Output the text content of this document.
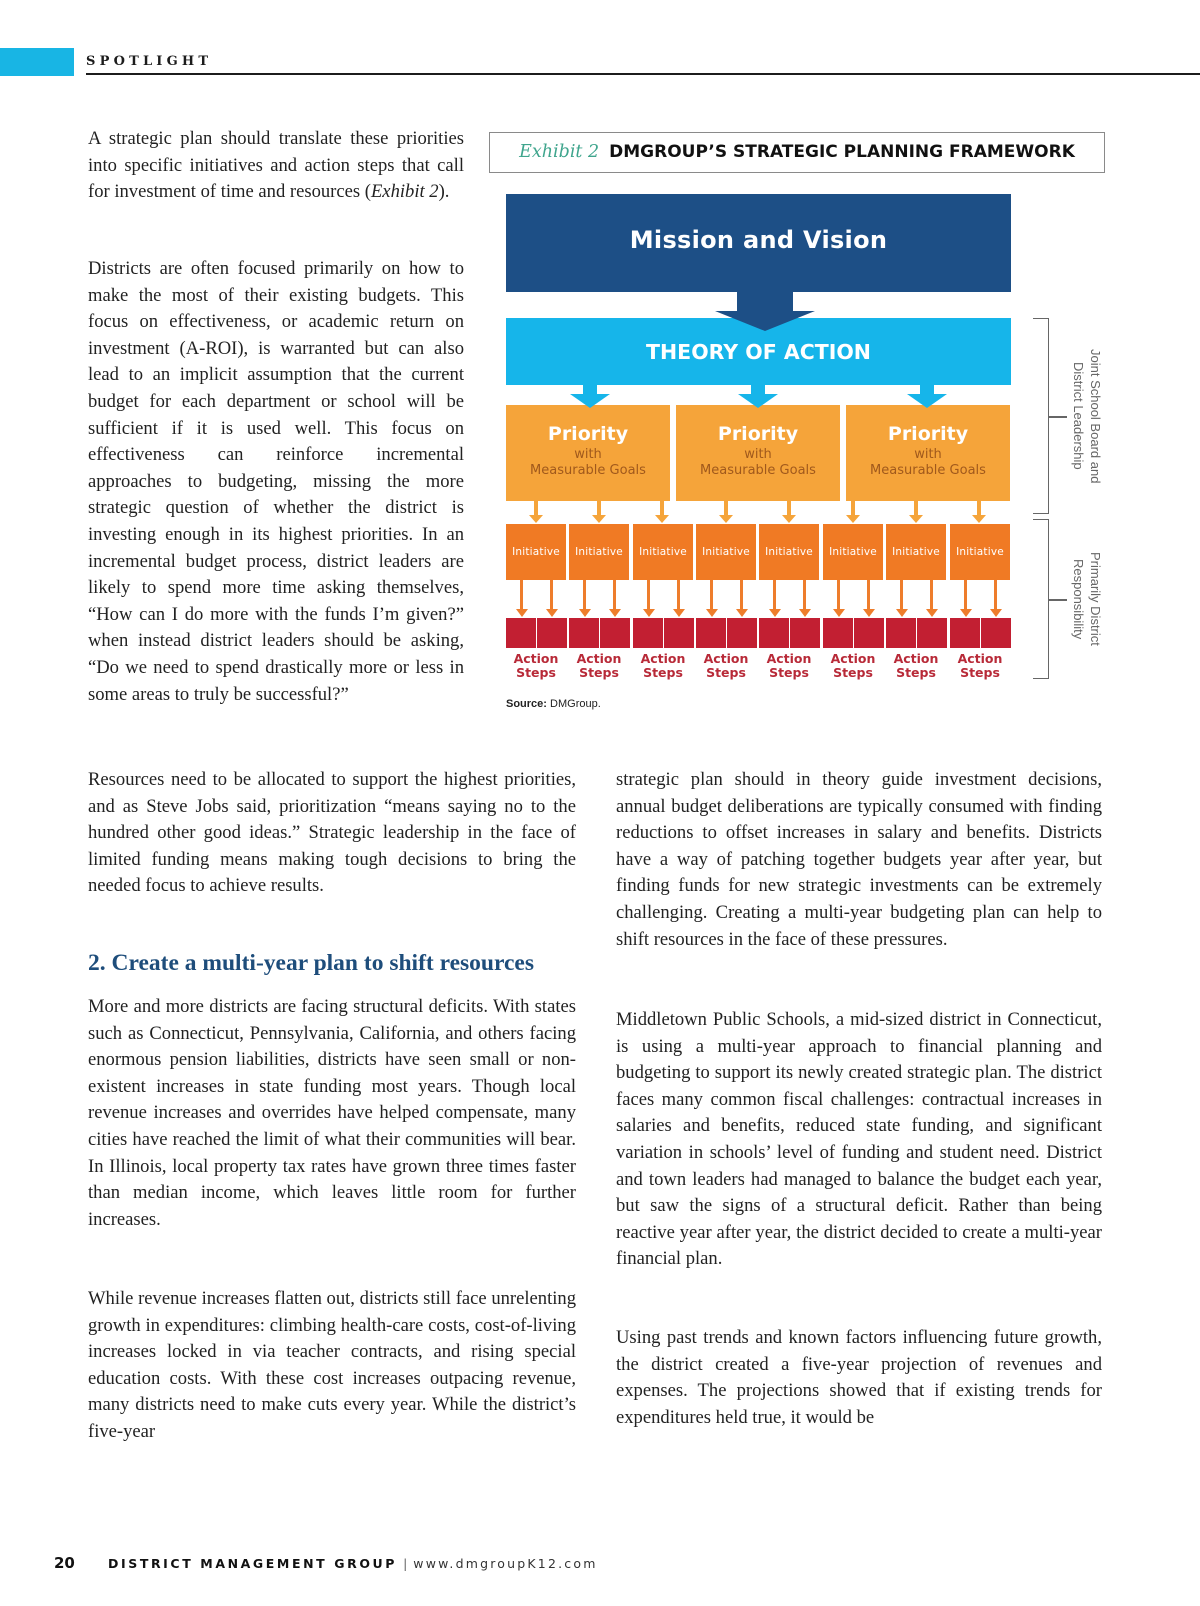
SPOTLIGHT

A strategic plan should translate these priorities into specific initiatives and action steps that call for investment of time and resources (Exhibit 2).

Districts are often focused primarily on how to make the most of their existing budgets. This focus on effectiveness, or academic return on investment (A-ROI), is warranted but can also lead to an implicit assumption that the current budget for each department or school will be sufficient if it is used well. This focus on effectiveness can reinforce incremental approaches to budgeting, missing the more strategic question of whether the district is investing enough in its highest priorities. In an incremental budget process, district leaders are likely to spend more time asking themselves, “How can I do more with the funds I’m given?” when instead district leaders should be asking, “Do we need to spend drastically more or less in some areas to truly be successful?”

Exhibit 2 DMGROUP’S STRATEGIC PLANNING FRAMEWORK
Mission and Vision
THEORY OF ACTION
Priority
with
Measurable Goals
Priority
with
Measurable Goals
Priority
with
Measurable Goals
Initiative	Initiative	Initiative	Initiative	Initiative	Initiative	Initiative	Initiative
Action
Steps
Action
Steps
Action
Steps
Action
Steps
Action
Steps
Action
Steps
Action
Steps
Action
Steps
Source: DMGroup.
Joint School Board and District Leadership
Primarily District Responsibility

Resources need to be allocated to support the highest priorities, and as Steve Jobs said, prioritization “means saying no to the hundred other good ideas.” Strategic leadership in the face of limited funding means making tough decisions to bring the needed focus to achieve results.

2. Create a multi-year plan to shift resources

More and more districts are facing structural deficits. With states such as Connecticut, Pennsylvania, California, and others facing enormous pension liabilities, districts have seen small or non-existent increases in state funding most years. Though local revenue increases and overrides have helped compensate, many cities have reached the limit of what their communities will bear. In Illinois, local property tax rates have grown three times faster than median income, which leaves little room for further increases.

While revenue increases flatten out, districts still face unrelenting growth in expenditures: climbing health-care costs, cost-of-living increases locked in via teacher contracts, and rising special education costs. With these cost increases outpacing revenue, many districts need to make cuts every year. While the district’s five-year

strategic plan should in theory guide investment decisions, annual budget deliberations are typically consumed with finding reductions to offset increases in salary and benefits. Districts have a way of patching together budgets year after year, but finding funds for new strategic investments can be extremely challenging. Creating a multi-year budgeting plan can help to shift resources in the face of these pressures.

Middletown Public Schools, a mid-sized district in Connecticut, is using a multi-year approach to financial planning and budgeting to support its newly created strategic plan. The district faces many common fiscal challenges: contractual increases in salaries and benefits, reduced state funding, and significant variation in schools’ level of funding and student need. District and town leaders had managed to balance the budget each year, but saw the signs of a structural deficit. Rather than being reactive year after year, the district decided to create a multi-year financial plan.

Using past trends and known factors influencing future growth, the district created a five-year projection of revenues and expenses. The projections showed that if existing trends for expenditures held true, it would be

20	DISTRICT MANAGEMENT GROUP | www.dmgroupK12.com
